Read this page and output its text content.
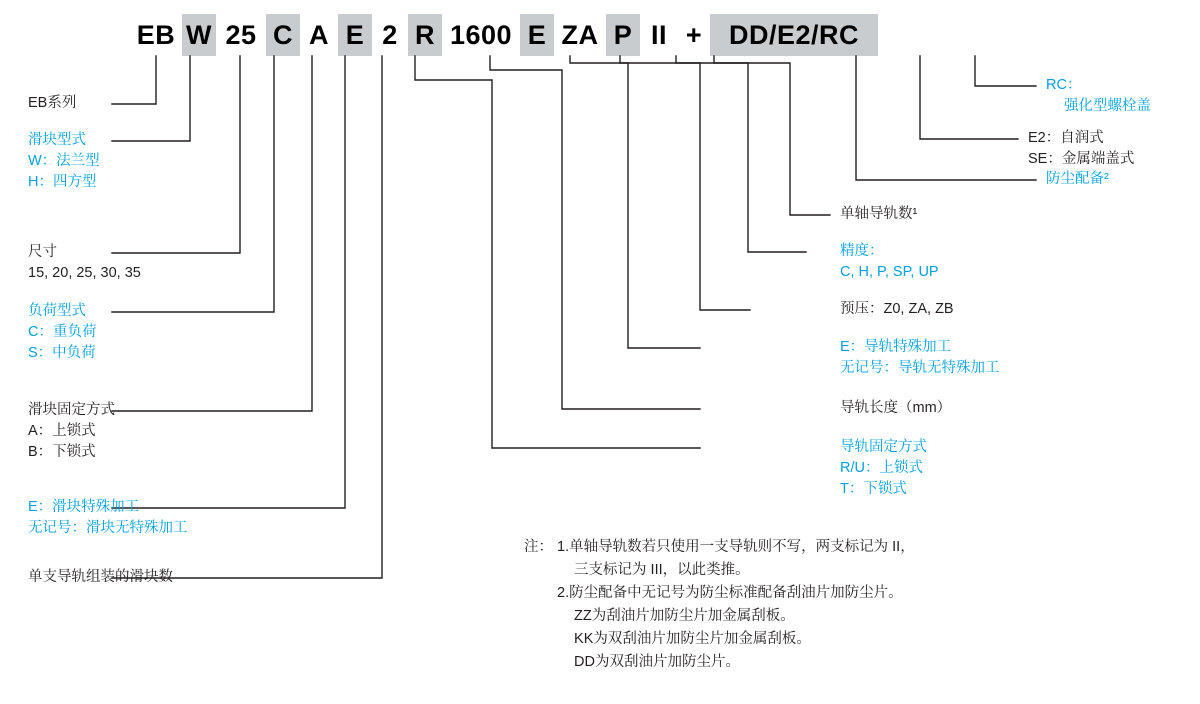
EB W 25 C A E 2 R 1600 E ZA P II + DD/E2/RC
EB系列
滑块型式
W：法兰型
H：四方型
尺寸
15, 20, 25, 30, 35
负荷型式
C：重负荷
S：中负荷
滑块固定方式
A：上锁式
B：下锁式
E：滑块特殊加工
无记号：滑块无特殊加工
单支导轨组装的滑块数
导轨固定方式
R/U：上锁式
T：下锁式
导轨长度（mm）
E：导轨特殊加工
无记号：导轨无特殊加工
预压：Z0, ZA, ZB
精度：
C, H, P, SP, UP
单轴导轨数¹
防尘配备²
E2：自润式
SE：金属端盖式
RC：
强化型螺栓盖
注： 1.单轴导轨数若只使用一支导轨则不写，两支标记为 II，
三支标记为 III，以此类推。
2.防尘配备中无记号为防尘标准配备刮油片加防尘片。
ZZ为刮油片加防尘片加金属刮板。
KK为双刮油片加防尘片加金属刮板。
DD为双刮油片加防尘片。
